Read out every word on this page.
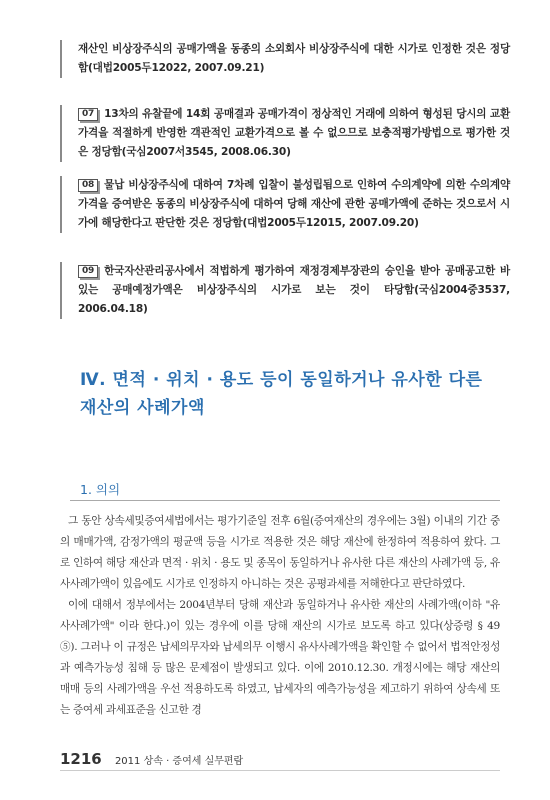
재산인 비상장주식의 공매가액을 동종의 소외회사 비상장주식에 대한 시가로 인정한 것은 정당함(대법2005두12022, 2007.09.21)
07 13차의 유찰끝에 14회 공매결과 공매가격이 정상적인 거래에 의하여 형성된 당시의 교환가격을 적절하게 반영한 객관적인 교환가격으로 볼 수 없으므로 보충적평가방법으로 평가한 것은 정당함(국심2007서3545, 2008.06.30)
08 물납 비상장주식에 대하여 7차례 입찰이 불성립됨으로 인하여 수의계약에 의한 수의계약가격을 증여받은 동종의 비상장주식에 대하여 당해 재산에 관한 공매가액에 준하는 것으로서 시가에 해당한다고 판단한 것은 정당함(대법2005두12015, 2007.09.20)
09 한국자산관리공사에서 적법하게 평가하여 재정경제부장관의 승인을 받아 공매공고한 바 있는 공매예정가액은 비상장주식의 시가로 보는 것이 타당함(국심2004중3537, 2006.04.18)
Ⅳ. 면적 · 위치 · 용도 등이 동일하거나 유사한 다른 재산의 사례가액
1. 의의

그 동안 상속세및증여세법에서는 평가기준일 전후 6월(증여재산의 경우에는 3월) 이내의 기간 중의 매매가액, 감정가액의 평균액 등을 시가로 적용한 것은 해당 재산에 한정하여 적용하여 왔다. 그로 인하여 해당 재산과 면적 · 위치 · 용도 및 종목이 동일하거나 유사한 다른 재산의 사례가액 등, 유사사례가액이 있음에도 시가로 인정하지 아니하는 것은 공평과세를 저해한다고 판단하였다.

이에 대해서 정부에서는 2004년부터 당해 재산과 동일하거나 유사한 재산의 사례가액(이하 "유사사례가액" 이라 한다.)이 있는 경우에 이를 당해 재산의 시가로 보도록 하고 있다(상증령 § 49 ⑤). 그러나 이 규정은 납세의무자와 납세의무 이행시 유사사례가액을 확인할 수 없어서 법적안정성과 예측가능성 침해 등 많은 문제점이 발생되고 있다. 이에 2010.12.30. 개정시에는 해당 재산의 매매 등의 사례가액을 우선 적용하도록 하였고, 납세자의 예측가능성을 제고하기 위하여 상속세 또는 증여세 과세표준을 신고한 경

1216 2011 상속 · 증여세 실무편람
